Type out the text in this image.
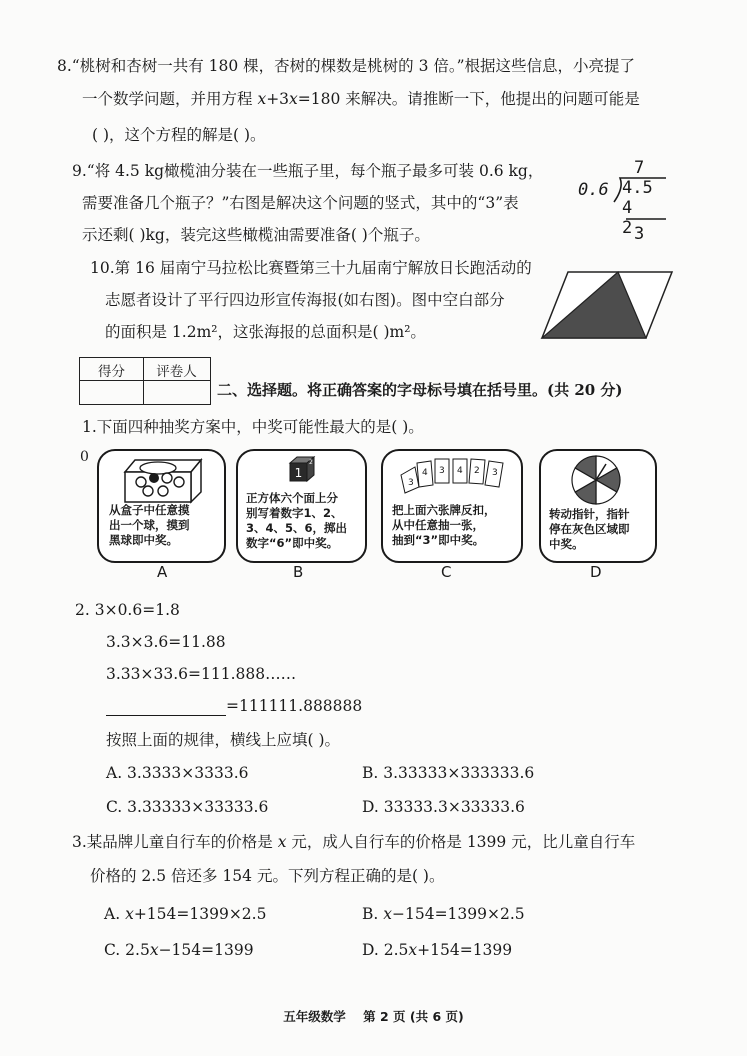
8.“桃树和杏树一共有 180 棵，杏树的棵数是桃树的 3 倍。”根据这些信息，小亮提了
一个数学问题，并用方程 x+3x=180 来解决。请推断一下，他提出的问题可能是
( )，这个方程的解是( )。
9.“将 4.5 kg橄榄油分装在一些瓶子里，每个瓶子最多可装 0.6 kg，
需要准备几个瓶子？”右图是解决这个问题的竖式，其中的“3”表
示还剩( )kg，装完这些橄榄油需要准备( )个瓶子。
7
0.6 4.5
4 2 3
10.第 16 届南宁马拉松比赛暨第三十九届南宁解放日长跑活动的
志愿者设计了平行四边形宣传海报(如右图)。图中空白部分
的面积是 1.2m²，这张海报的总面积是( )m²。
得分	评卷人
二、选择题。将正确答案的字母标号填在括号里。(共 20 分)
1.下面四种抽奖方案中，中奖可能性最大的是( )。
0
从盒子中任意摸
出一个球，摸到
黑球即中奖。
A
1
2
正方体六个面上分
别写着数字1、2、
3、4、5、6，掷出
数字“6”即中奖。
B
3
4 3 4 2 3
把上面六张牌反扣，
从中任意抽一张，
抽到“3”即中奖。
C
转动指针，指针
停在灰色区域即
中奖。
D
2. 3×0.6=1.8
3.3×3.6=11.88
3.33×33.6=111.888……
=111111.888888
按照上面的规律，横线上应填( )。
A. 3.3333×3333.6	B. 3.33333×333333.6
C. 3.33333×33333.6	D. 33333.3×33333.6
3.某品牌儿童自行车的价格是 x 元，成人自行车的价格是 1399 元，比儿童自行车
价格的 2.5 倍还多 154 元。下列方程正确的是( )。
A. x+154=1399×2.5	B. x−154=1399×2.5
C. 2.5x−154=1399	D. 2.5x+154=1399
五年级数学    第 2 页 (共 6 页)
